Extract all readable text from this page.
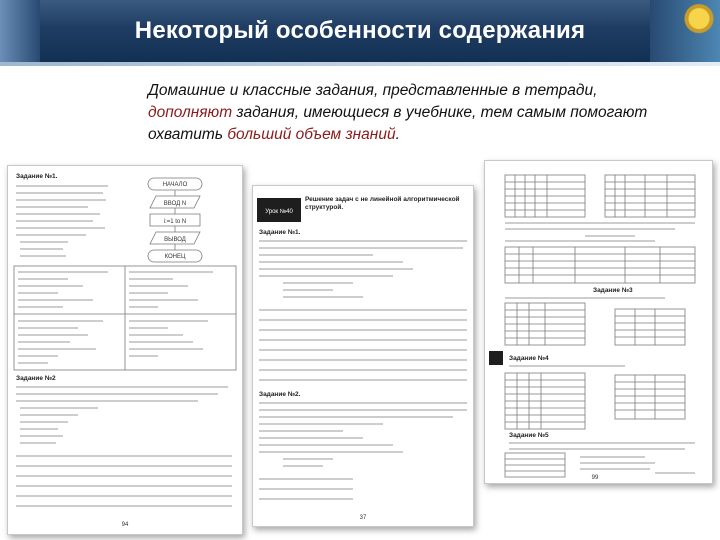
Некоторый особенности содержания
Домашние и классные задания, представленные в тетради,
дополняют задания, имеющиеся в учебнике, тем самым помогают охватить больший объем знаний.
Задание №1.
НАЧАЛО
ВВОД N
i:=1 to N
ВЫВОД
КОНЕЦ
Задание №2
94
Урок №40
Решение задач с не линейной алгоритмической структурой.
Задание №1.
Задание №2.
37
Задание №3
Задание №4
Задание №5
99
